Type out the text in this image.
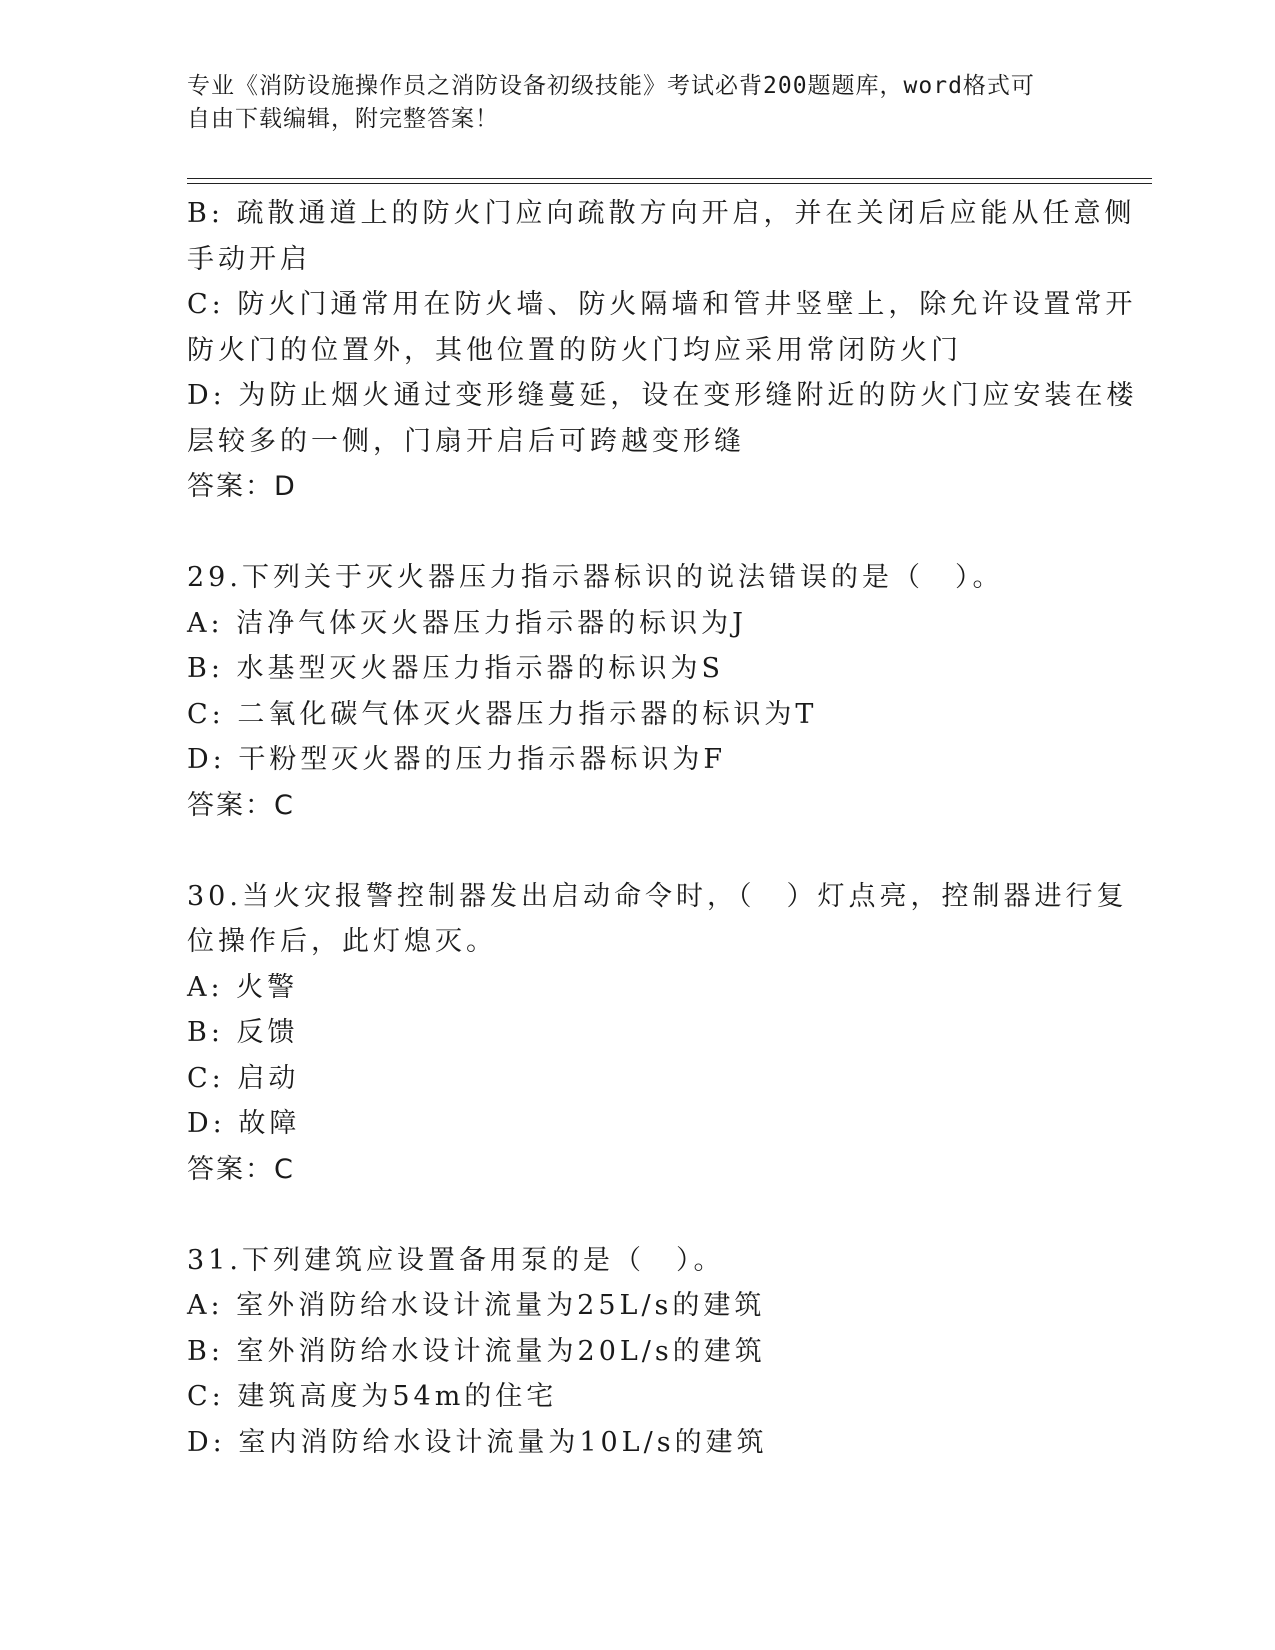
专业《消防设施操作员之消防设备初级技能》考试必背200题题库，word格式可
自由下载编辑，附完整答案！
B: 疏散通道上的防火门应向疏散方向开启，并在关闭后应能从任意侧
手动开启
C: 防火门通常用在防火墙、防火隔墙和管井竖壁上，除允许设置常开
防火门的位置外，其他位置的防火门均应采用常闭防火门
D: 为防止烟火通过变形缝蔓延，设在变形缝附近的防火门应安装在楼
层较多的一侧，门扇开启后可跨越变形缝
答案：D
29.下列关于灭火器压力指示器标识的说法错误的是（　）。
A: 洁净气体灭火器压力指示器的标识为J
B: 水基型灭火器压力指示器的标识为S
C: 二氧化碳气体灭火器压力指示器的标识为T
D: 干粉型灭火器的压力指示器标识为F
答案：C
30.当火灾报警控制器发出启动命令时，（　）灯点亮，控制器进行复
位操作后，此灯熄灭。
A: 火警
B: 反馈
C: 启动
D: 故障
答案：C
31.下列建筑应设置备用泵的是（　）。
A: 室外消防给水设计流量为25L/s的建筑
B: 室外消防给水设计流量为20L/s的建筑
C: 建筑高度为54m的住宅
D: 室内消防给水设计流量为10L/s的建筑
